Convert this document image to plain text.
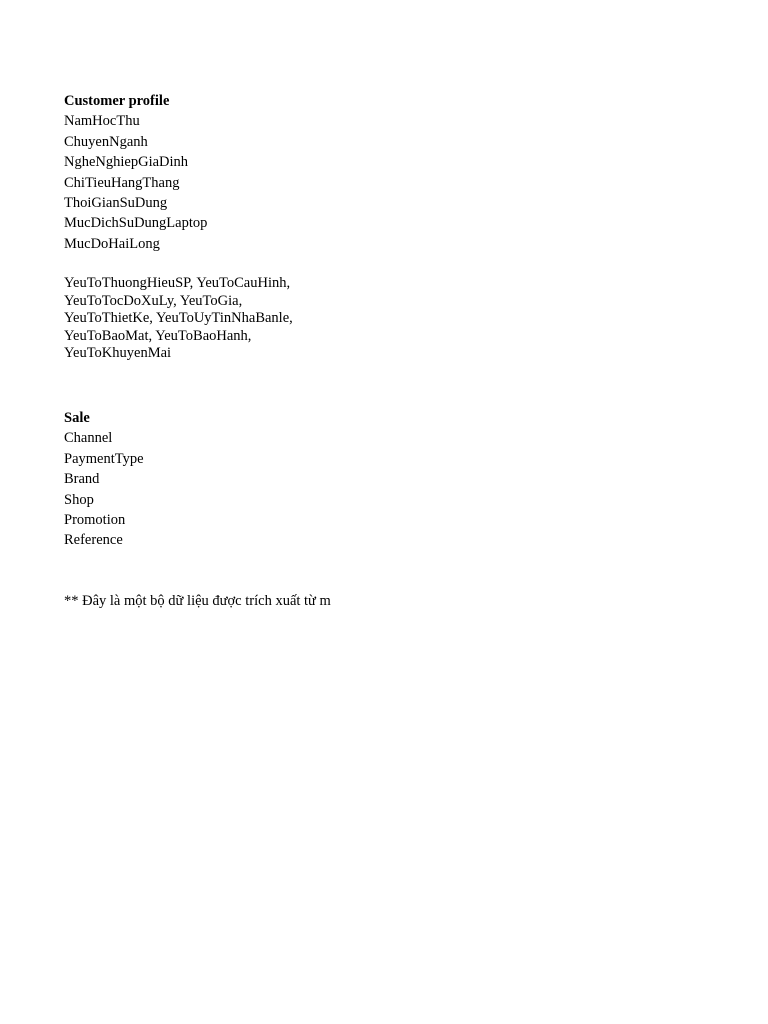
Customer profile
NamHocThu
ChuyenNganh
NgheNghiepGiaDinh
ChiTieuHangThang
ThoiGianSuDung
MucDichSuDungLaptop
MucDoHaiLong
YeuToThuongHieuSP, YeuToCauHinh,
YeuToTocDoXuLy, YeuToGia,
YeuToThietKe, YeuToUyTinNhaBanle,
YeuToBaoMat, YeuToBaoHanh,
YeuToKhuyenMai
Sale
Channel
PaymentType
Brand
Shop
Promotion
Reference
** Đây là một bộ dữ liệu được trích xuất từ m
